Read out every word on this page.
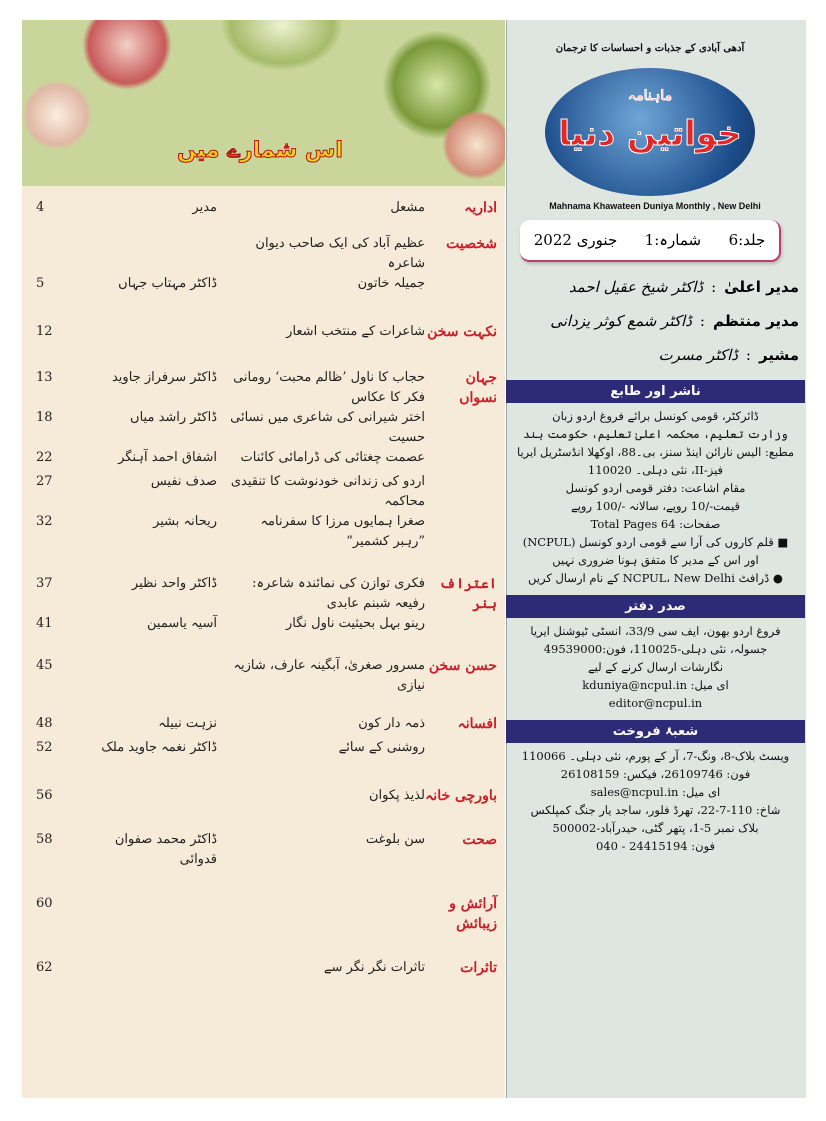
اس شمارے میں
اداریہ
مشعل
مدیر
4
شخصیت
عظیم آباد کی ایک صاحب دیوان شاعرہ
جمیلہ خاتون
ڈاکٹر مہتاب جہاں
5
نکہت سخن
شاعرات کے منتخب اشعار
12
جہان نسواں
حجاب کا ناول ’ظالم محبت‘ رومانی فکر کا عکاس
ڈاکٹر سرفراز جاوید
13
اختر شیرانی کی شاعری میں نسائی حسیت
ڈاکٹر راشد میاں
18
عصمت چغتائی کی ڈرامائی کائنات
اشفاق احمد آہنگر
22
اردو کی زندانی خودنوشت کا تنقیدی محاکمہ
صدف نفیس
27
صغرا ہمایوں مرزا کا سفرنامہ ”رہبر کشمیر“
ریحانہ بشیر
32
اعتراف ہنر
فکری توازن کی نمائندہ شاعرہ: رفیعہ شبنم عابدی
ڈاکٹر واحد نظیر
37
رینو بہل بحیثیت ناول نگار
آسیہ یاسمین
41
حسن سخن
مسرور صغریٰ، آبگینہ عارف، شازیہ نیازی
45
افسانہ
ذمہ دار کون
نزہت نبیلہ
48
روشنی کے سائے
ڈاکٹر نغمہ جاوید ملک
52
باورچی خانہ
لذیذ پکوان
56
صحت
سن بلوغت
ڈاکٹر محمد صفوان قدوائی
58
آرائش و زیبائش
60
تاثرات
تاثرات نگر نگر سے
62
آدھی آبادی کے جذبات و احساسات کا ترجمان
ماہنامہ
خواتین دنیا
Mahnama Khawateen Duniya Monthly , New Delhi
جلد:6
شمارہ:1
جنوری 2022
مدیر اعلیٰ
:
ڈاکٹر شیخ عقیل احمد
مدیر منتظم
:
ڈاکٹر شمع کوثر یزدانی
مشیر
:
ڈاکٹر مسرت
ناشر اور طابع
ڈائرکٹر، قومی کونسل برائے فروغ اردو زبان
وزارت تعلیم، محکمہ اعلیٰ تعلیم، حکومت ہند
مطبع: الیس نارائن اینڈ سنز، بی۔88، اوکھلا انڈسٹریل ایریا
فیز-II، نئی دہلی۔ 110020
مقام اشاعت: دفتر قومی اردو کونسل
قیمت-/10 روپے، سالانہ -/100 روپے
صفحات: Total Pages 64
■ قلم کاروں کی آرا سے قومی اردو کونسل (NCPUL)
اور اس کے مدیر کا متفق ہونا ضروری نہیں
● ڈرافٹ NCPUL، New Delhi کے نام ارسال کریں
صدر دفتر
فروغ اردو بھون، ایف سی 33/9، انسٹی ٹیوشنل ایریا
جسولہ، نئی دہلی-110025، فون:49539000
نگارشات ارسال کرنے کے لیے
ای میل: kduniya@ncpul.in
editor@ncpul.in
شعبۂ فروخت
ویسٹ بلاک-8، ونگ-7، آر کے پورم، نئی دہلی۔ 110066
فون: 26109746، فیکس: 26108159
ای میل: sales@ncpul.in
شاخ: 110-7-22، تھرڈ فلور، ساجد یار جنگ کمپلکس
بلاک نمبر 5-1، پتھر گٹی، حیدرآباد-500002
فون: 24415194 - 040
